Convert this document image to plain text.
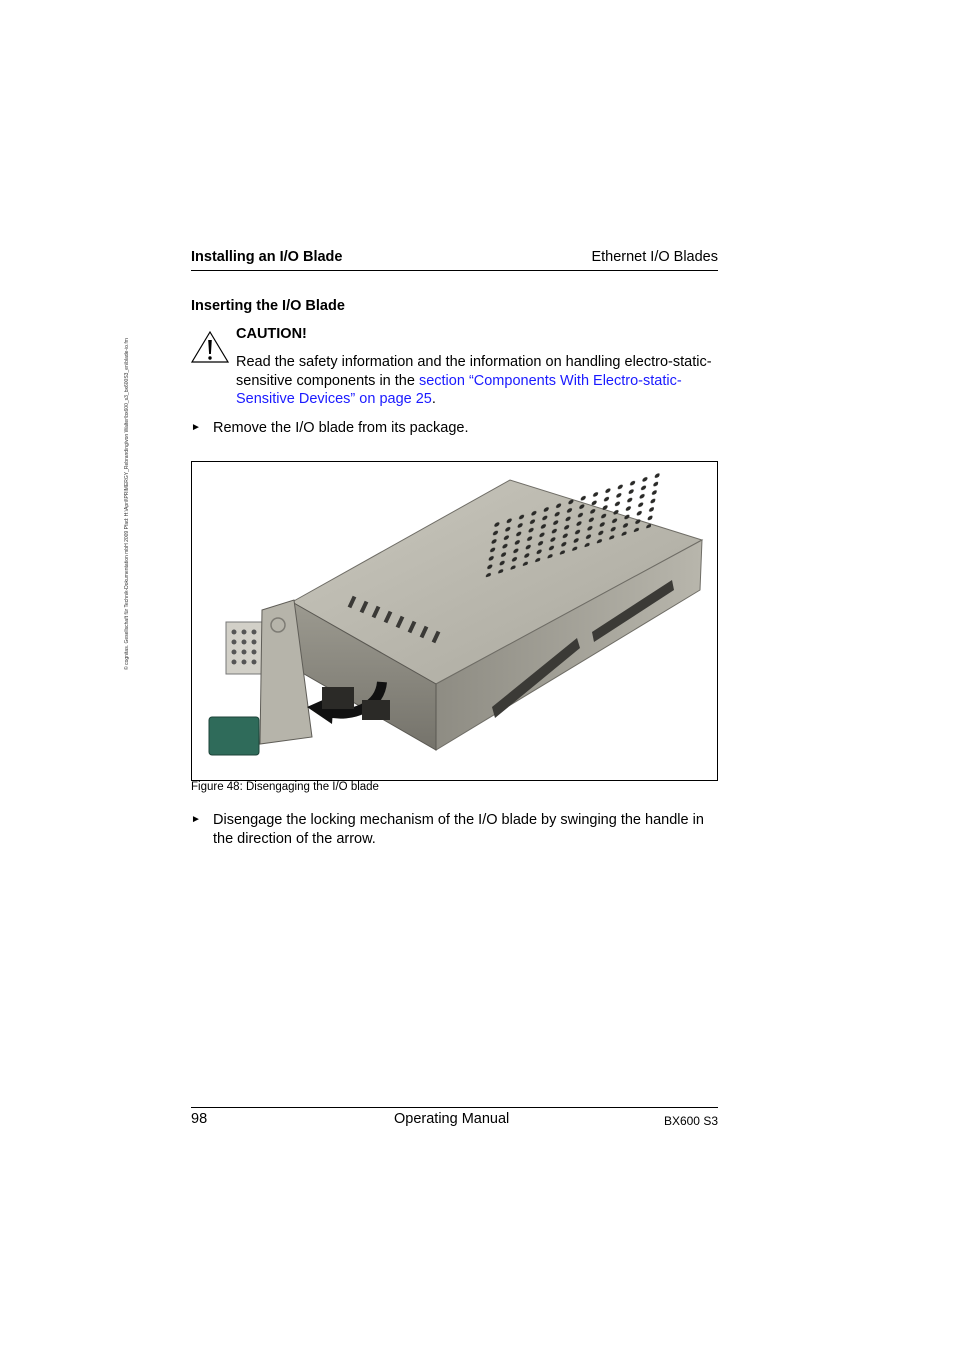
© cognitas. Gesellschaft für Technik-Dokumentation mbH 2009 Pfad: H:\April\PRIMERGY_Rebranding\von Walter\bx600_s3_bx600S3_en\blade-io.fm
Installing an I/O Blade	Ethernet I/O Blades
Inserting the I/O Blade
CAUTION!
Read the safety information and the information on handling electro-static-sensitive components in the section “Components With Electro-static-Sensitive Devices” on page 25.
► Remove the I/O blade from its package.
Figure 48: Disengaging the I/O blade
► Disengage the locking mechanism of the I/O blade by swinging the handle in the direction of the arrow.
98	Operating Manual	BX600 S3
